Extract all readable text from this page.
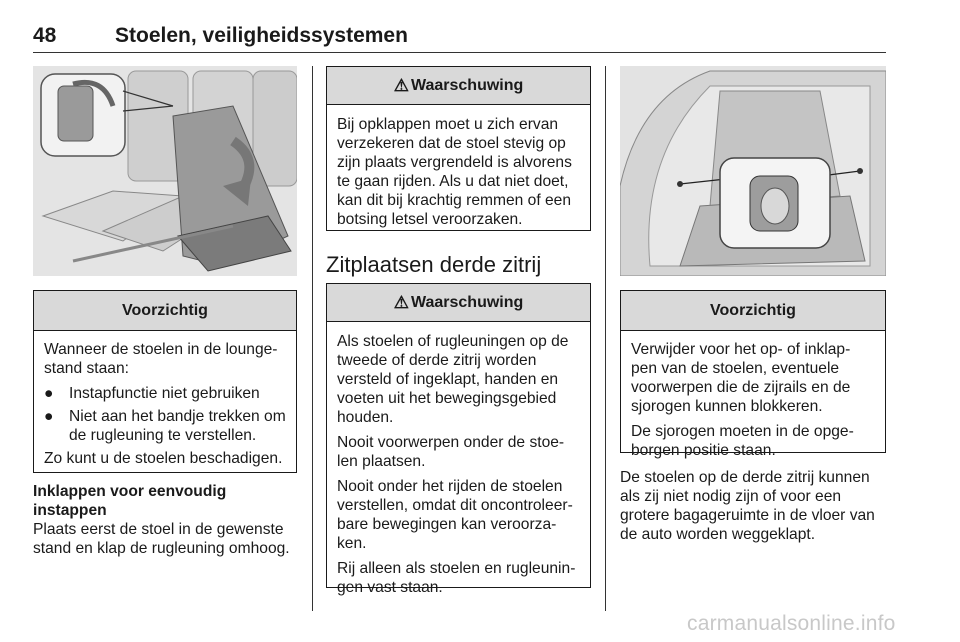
48	Stoelen, veiligheidssystemen
Voorzichtig

Wanneer de stoelen in de lounge-stand staan:

● Instapfunctie niet gebruiken
● Niet aan het bandje trekken om de rugleuning te verstellen.

Zo kunt u de stoelen beschadigen.

Inklappen voor eenvoudig instappen
Plaats eerst de stoel in de gewenste stand en klap de rugleuning omhoog.
⚠ Waarschuwing

Bij opklappen moet u zich ervan verzekeren dat de stoel stevig op zijn plaats vergrendeld is alvorens te gaan rijden. Als u dat niet doet, kan dit bij krachtig remmen of een botsing letsel veroorzaken.

Zitplaatsen derde zitrij
⚠ Waarschuwing

Als stoelen of rugleuningen op de tweede of derde zitrij worden versteld of ingeklapt, handen en voeten uit het bewegingsgebied houden.

Nooit voorwerpen onder de stoe-len plaatsen.

Nooit onder het rijden de stoelen verstellen, omdat dit oncontroleer-bare bewegingen kan veroorza-ken.

Rij alleen als stoelen en rugleunin-gen vast staan.

Voorzichtig

Verwijder voor het op- of inklap-pen van de stoelen, eventuele voorwerpen die de zijrails en de sjorogen kunnen blokkeren.

De sjorogen moeten in de opge-borgen positie staan.

De stoelen op de derde zitrij kunnen als zij niet nodig zijn of voor een grotere bagageruimte in de vloer van de auto worden weggeklapt.
carmanualsonline.info
